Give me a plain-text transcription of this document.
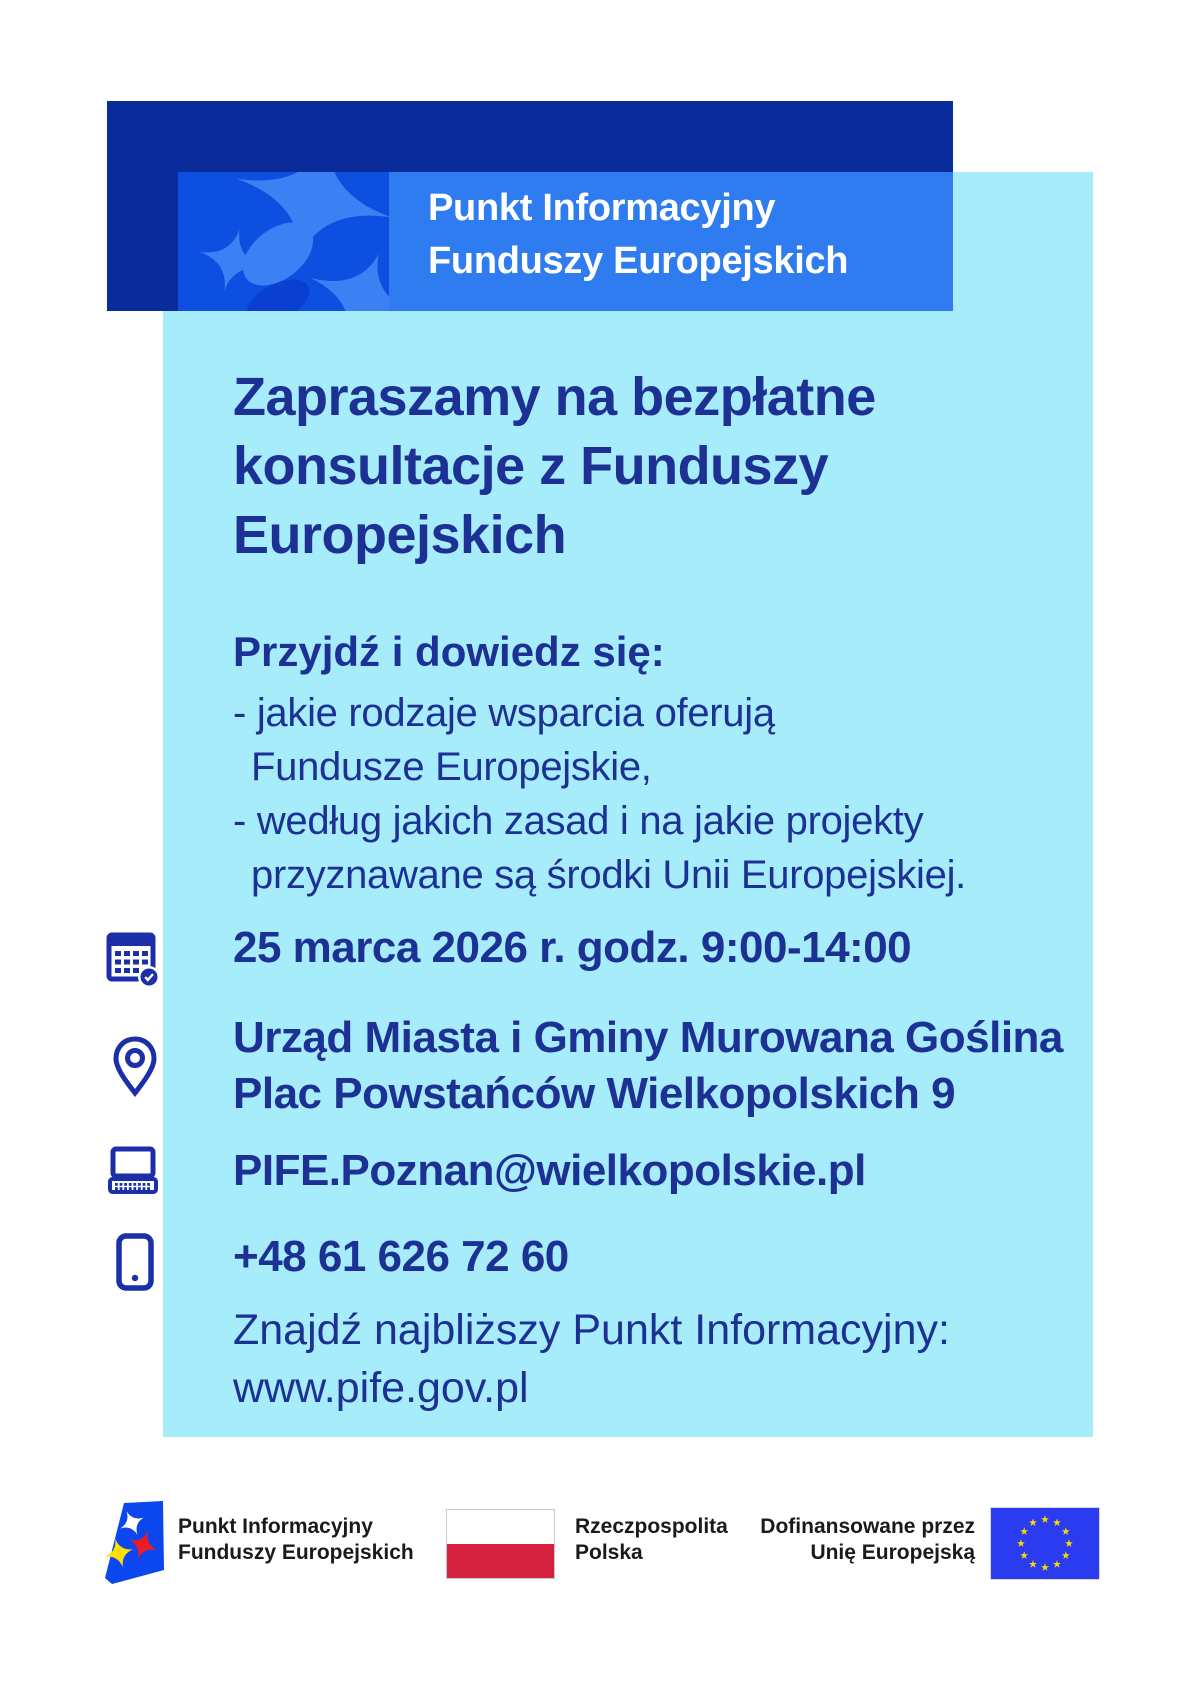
Punkt Informacyjny
Funduszy Europejskich
Zapraszamy na bezpłatne
konsultacje z Funduszy
Europejskich
Przyjdź i dowiedz się:
- jakie rodzaje wsparcia oferują
Fundusze Europejskie,
- według jakich zasad i na jakie projekty
przyznawane są środki Unii Europejskiej.
25 marca 2026 r. godz. 9:00-14:00
Urząd Miasta i Gminy Murowana Goślina
Plac Powstańców Wielkopolskich 9
PIFE.Poznan@wielkopolskie.pl
+48 61 626 72 60
Znajdź najbliższy Punkt Informacyjny:
www.pife.gov.pl
Punkt Informacyjny
Funduszy Europejskich
Rzeczpospolita
Polska
Dofinansowane przez
Unię Europejską
